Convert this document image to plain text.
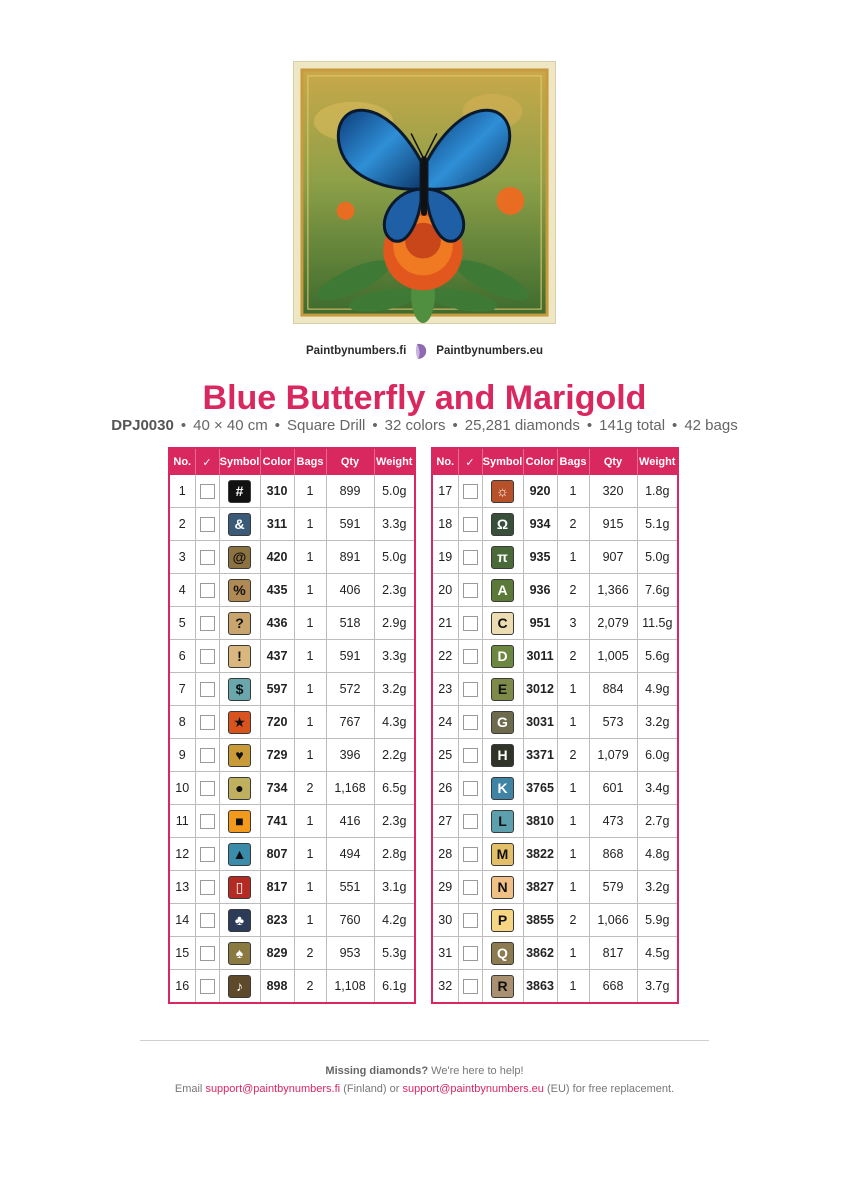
Paintbynumbers.fi	Paintbynumbers.eu
Blue Butterfly and Marigold
DPJ0030 • 40 × 40 cm • Square Drill • 32 colors • 25,281 diamonds • 141g total • 42 bags
No.	✓	Symbol	Color	Bags	Qty	Weight
1		#	310	1	899	5.0g
2		&	311	1	591	3.3g
3		@	420	1	891	5.0g
4		%	435	1	406	2.3g
5		?	436	1	518	2.9g
6		!	437	1	591	3.3g
7		$	597	1	572	3.2g
8		★	720	1	767	4.3g
9		♥	729	1	396	2.2g
10		●	734	2	1,168	6.5g
11		■	741	1	416	2.3g
12		▲	807	1	494	2.8g
13		▯	817	1	551	3.1g
14		♣	823	1	760	4.2g
15		♠	829	2	953	5.3g
16		♪	898	2	1,108	6.1g
No.	✓	Symbol	Color	Bags	Qty	Weight
17		☼	920	1	320	1.8g
18		Ω	934	2	915	5.1g
19		π	935	1	907	5.0g
20		A	936	2	1,366	7.6g
21		C	951	3	2,079	11.5g
22		D	3011	2	1,005	5.6g
23		E	3012	1	884	4.9g
24		G	3031	1	573	3.2g
25		H	3371	2	1,079	6.0g
26		K	3765	1	601	3.4g
27		L	3810	1	473	2.7g
28		M	3822	1	868	4.8g
29		N	3827	1	579	3.2g
30		P	3855	2	1,066	5.9g
31		Q	3862	1	817	4.5g
32		R	3863	1	668	3.7g
Missing diamonds? We're here to help!
Email support@paintbynumbers.fi (Finland) or support@paintbynumbers.eu (EU) for free replacement.
